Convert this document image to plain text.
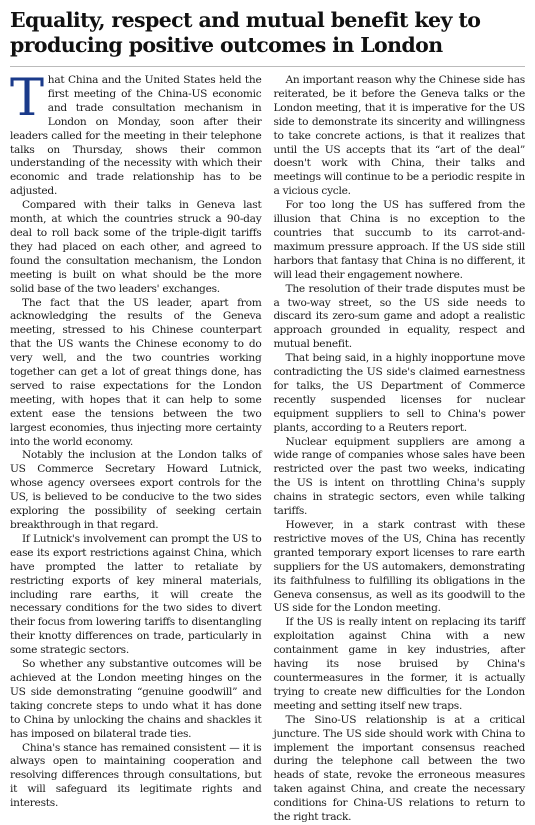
Equality, respect and mutual benefit key to producing positive outcomes in London

That China and the United States held the first meeting of the China-US economic and trade consultation mechanism in London on Monday, soon after their leaders called for the meeting in their telephone talks on Thursday, shows their common understanding of the necessity with which their economic and trade relationship has to be adjusted.

Compared with their talks in Geneva last month, at which the countries struck a 90-day deal to roll back some of the triple-digit tariffs they had placed on each other, and agreed to found the consultation mechanism, the London meeting is built on what should be the more solid base of the two leaders' exchanges.

The fact that the US leader, apart from acknowledging the results of the Geneva meeting, stressed to his Chinese counterpart that the US wants the Chinese economy to do very well, and the two countries working together can get a lot of great things done, has served to raise expectations for the London meeting, with hopes that it can help to some extent ease the tensions between the two largest economies, thus injecting more certainty into the world economy.

Notably the inclusion at the London talks of US Commerce Secretary Howard Lutnick, whose agency oversees export controls for the US, is believed to be conducive to the two sides exploring the possibility of seeking certain breakthrough in that regard.

If Lutnick's involvement can prompt the US to ease its export restrictions against China, which have prompted the latter to retaliate by restricting exports of key mineral materials, including rare earths, it will create the necessary conditions for the two sides to divert their focus from lowering tariffs to disentangling their knotty differences on trade, particularly in some strategic sectors.

So whether any substantive outcomes will be achieved at the London meeting hinges on the US side demonstrating “genuine goodwill” and taking concrete steps to undo what it has done to China by unlocking the chains and shackles it has imposed on bilateral trade ties.

China's stance has remained consistent — it is always open to maintaining cooperation and resolving differences through consultations, but it will safeguard its legitimate rights and interests.

An important reason why the Chinese side has reiterated, be it before the Geneva talks or the London meeting, that it is imperative for the US side to demonstrate its sincerity and willingness to take concrete actions, is that it realizes that until the US accepts that its “art of the deal” doesn't work with China, their talks and meetings will continue to be a periodic respite in a vicious cycle.

For too long the US has suffered from the illusion that China is no exception to the countries that succumb to its carrot-and-maximum pressure approach. If the US side still harbors that fantasy that China is no different, it will lead their engagement nowhere.

The resolution of their trade disputes must be a two-way street, so the US side needs to discard its zero-sum game and adopt a realistic approach grounded in equality, respect and mutual benefit.

That being said, in a highly inopportune move contradicting the US side's claimed earnestness for talks, the US Department of Commerce recently suspended licenses for nuclear equipment suppliers to sell to China's power plants, according to a Reuters report.

Nuclear equipment suppliers are among a wide range of companies whose sales have been restricted over the past two weeks, indicating the US is intent on throttling China's supply chains in strategic sectors, even while talking tariffs.

However, in a stark contrast with these restrictive moves of the US, China has recently granted temporary export licenses to rare earth suppliers for the US automakers, demonstrating its faithfulness to fulfilling its obligations in the Geneva consensus, as well as its goodwill to the US side for the London meeting.

If the US is really intent on replacing its tariff exploitation against China with a new containment game in key industries, after having its nose bruised by China's countermeasures in the former, it is actually trying to create new difficulties for the London meeting and setting itself new traps.

The Sino-US relationship is at a critical juncture. The US side should work with China to implement the important consensus reached during the telephone call between the two heads of state, revoke the erroneous measures taken against China, and create the necessary conditions for China-US relations to return to the right track.
